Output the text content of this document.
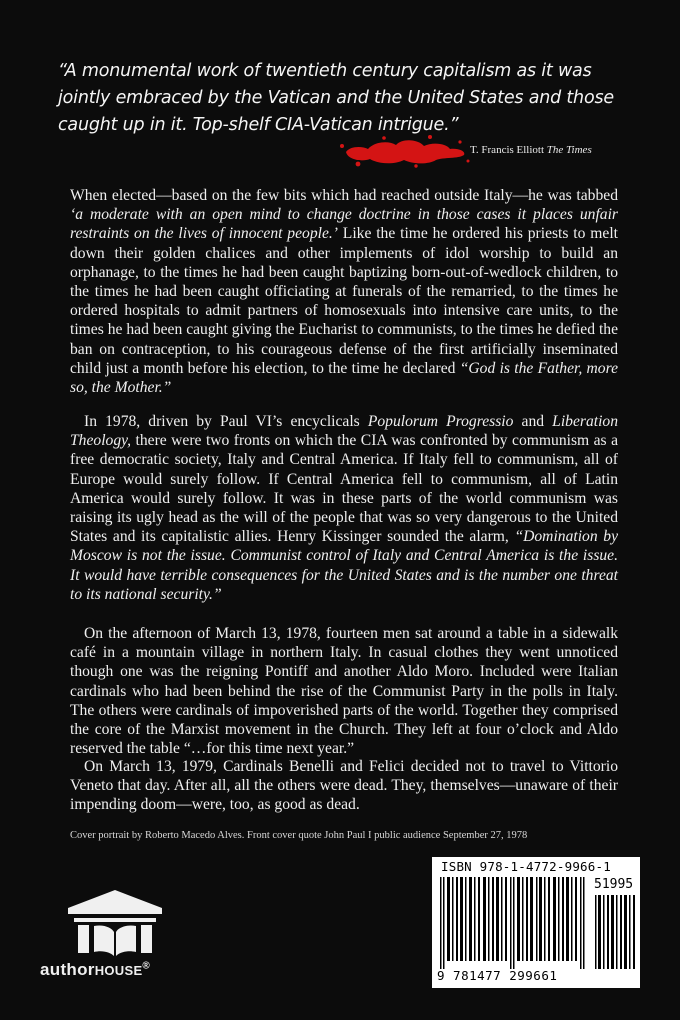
“A monumental work of twentieth century capitalism as it was jointly embraced by the Vatican and the United States and those caught up in it. Top-shelf CIA-Vatican intrigue.”
T. Francis Elliott The Times
When elected—based on the few bits which had reached outside Italy—he was tabbed ‘a moderate with an open mind to change doctrine in those cases it places unfair restraints on the lives of innocent people.’ Like the time he ordered his priests to melt down their golden chalices and other implements of idol worship to build an orphanage, to the times he had been caught baptizing born-out-of-wedlock children, to the times he had been caught officiating at funerals of the remarried, to the times he ordered hospitals to admit partners of homosexuals into intensive care units, to the times he had been caught giving the Eucharist to communists, to the times he defied the ban on contraception, to his courageous defense of the first artificially inseminated child just a month before his election, to the time he declared “God is the Father, more so, the Mother.”
In 1978, driven by Paul VI’s encyclicals Populorum Progressio and Liberation Theology, there were two fronts on which the CIA was confronted by communism as a free democratic society, Italy and Central America. If Italy fell to communism, all of Europe would surely follow. If Central America fell to communism, all of Latin America would surely follow. It was in these parts of the world communism was raising its ugly head as the will of the people that was so very dangerous to the United States and its capitalistic allies. Henry Kissinger sounded the alarm, “Domination by Moscow is not the issue. Communist control of Italy and Central America is the issue. It would have terrible consequences for the United States and is the number one threat to its national security.”
On the afternoon of March 13, 1978, fourteen men sat around a table in a sidewalk café in a mountain village in northern Italy. In casual clothes they went unnoticed though one was the reigning Pontiff and another Aldo Moro. Included were Italian cardinals who had been behind the rise of the Communist Party in the polls in Italy. The others were cardinals of impoverished parts of the world. Together they comprised the core of the Marxist movement in the Church. They left at four o’clock and Aldo reserved the table “…for this time next year.”
On March 13, 1979, Cardinals Benelli and Felici decided not to travel to Vittorio Veneto that day. After all, all the others were dead. They, themselves—unaware of their impending doom—were, too, as good as dead.
Cover portrait by Roberto Macedo Alves. Front cover quote John Paul I public audience September 27, 1978
authorHOUSE®
ISBN 978-1-4772-9966-1
51995
9 781477 299661
